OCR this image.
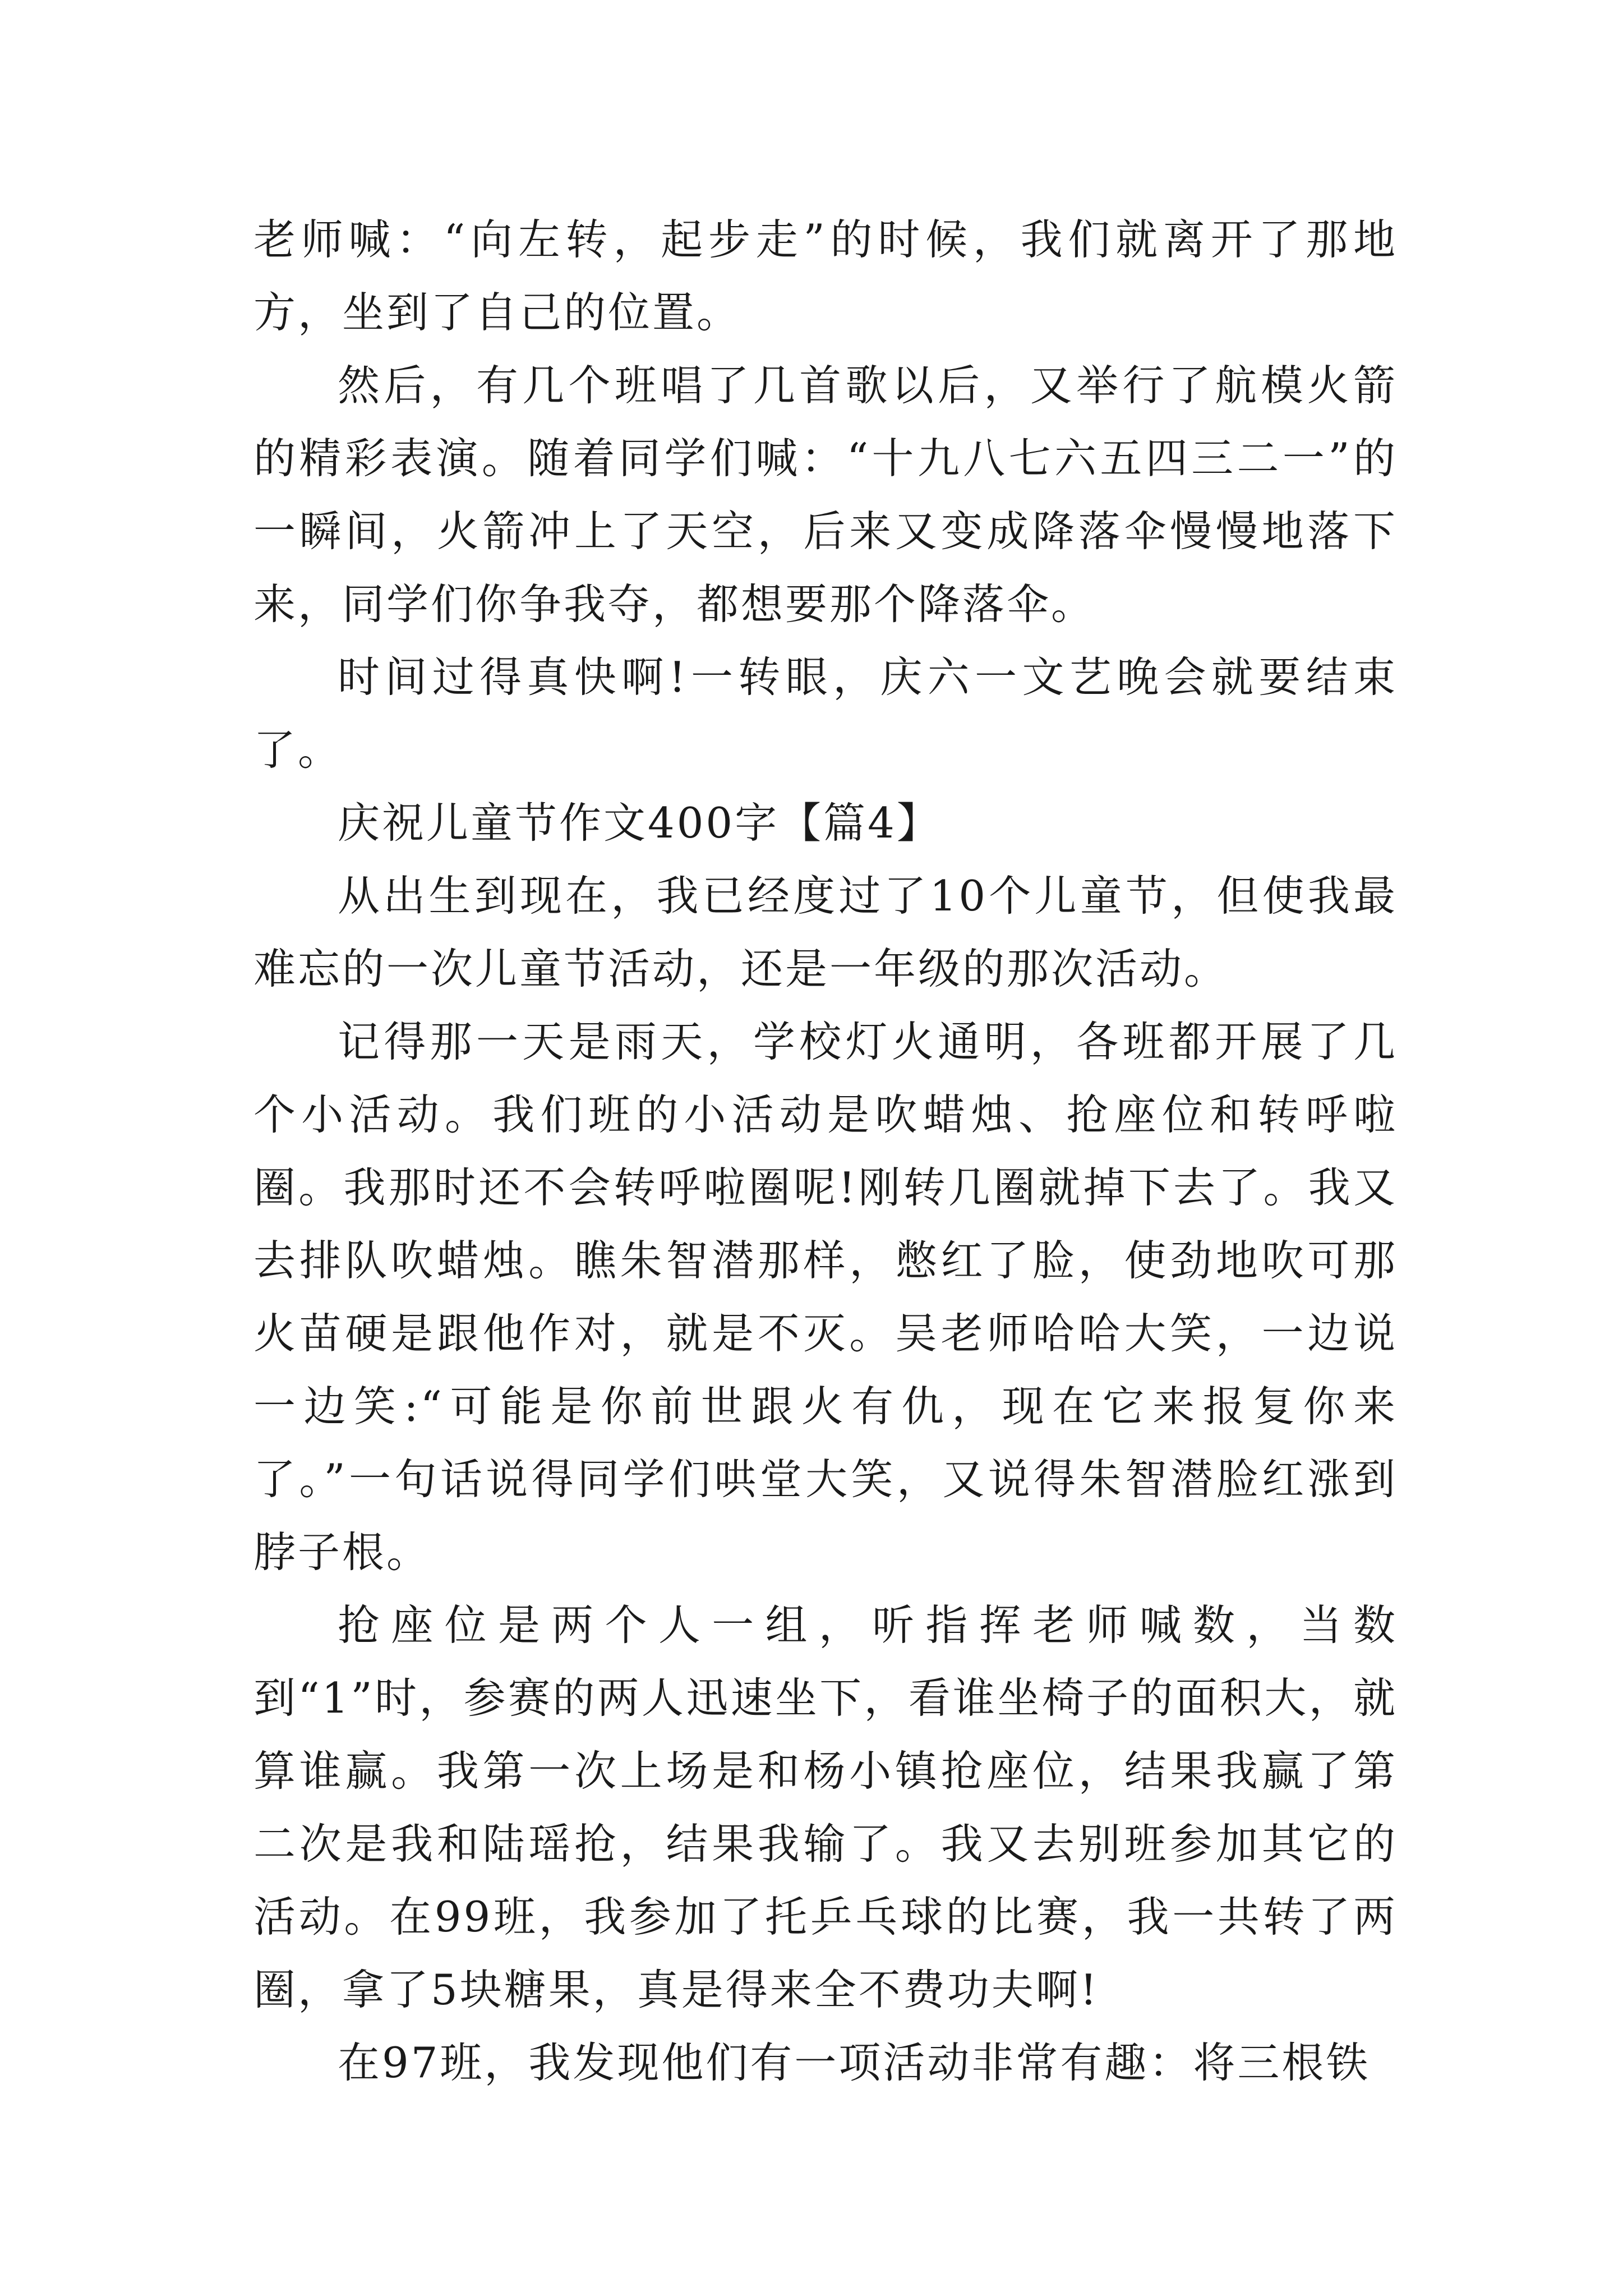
老师喊：“向左转，起步走”的时候，我们就离开了那地方，坐到了自己的位置。

然后，有几个班唱了几首歌以后，又举行了航模火箭的精彩表演。随着同学们喊：“十九八七六五四三二一”的一瞬间，火箭冲上了天空，后来又变成降落伞慢慢地落下来，同学们你争我夺，都想要那个降落伞。

时间过得真快啊!一转眼，庆六一文艺晚会就要结束了。

庆祝儿童节作文400字【篇4】

从出生到现在，我已经度过了10个儿童节，但使我最难忘的一次儿童节活动，还是一年级的那次活动。

记得那一天是雨天，学校灯火通明，各班都开展了几个小活动。我们班的小活动是吹蜡烛、抢座位和转呼啦圈。我那时还不会转呼啦圈呢!刚转几圈就掉下去了。我又去排队吹蜡烛。瞧朱智潜那样，憋红了脸，使劲地吹可那火苗硬是跟他作对，就是不灭。吴老师哈哈大笑，一边说一边笑:“可能是你前世跟火有仇，现在它来报复你来了。”一句话说得同学们哄堂大笑，又说得朱智潜脸红涨到脖子根。

抢座位是两个人一组，听指挥老师喊数，当数到“1”时，参赛的两人迅速坐下，看谁坐椅子的面积大，就算谁赢。我第一次上场是和杨小镇抢座位，结果我赢了第二次是我和陆瑶抢，结果我输了。我又去别班参加其它的活动。在99班，我参加了托乒乓球的比赛，我一共转了两圈，拿了5块糖果，真是得来全不费功夫啊!

在97班，我发现他们有一项活动非常有趣：将三根铁
